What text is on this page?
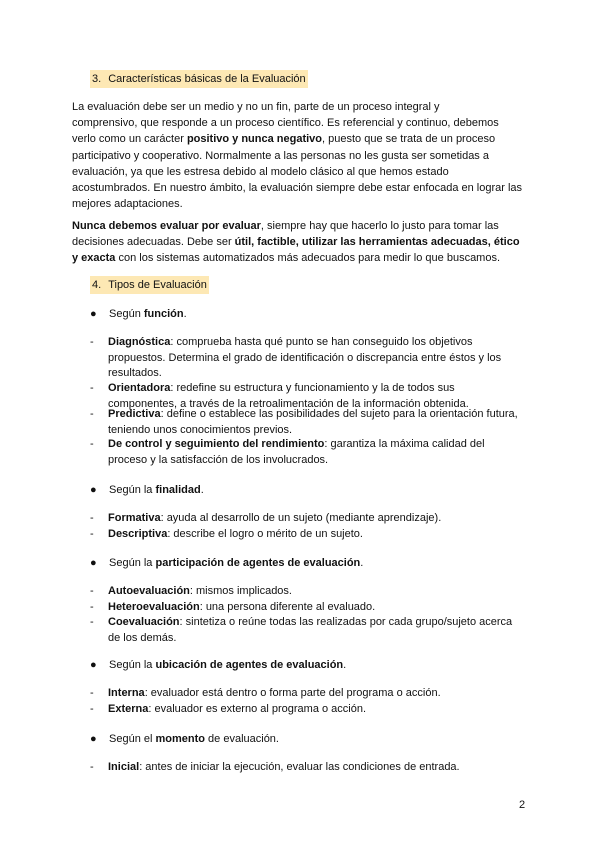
3. Características básicas de la Evaluación
La evaluación debe ser un medio y no un fin, parte de un proceso integral y
comprensivo, que responde a un proceso científico. Es referencial y continuo, debemos
verlo como un carácter positivo y nunca negativo, puesto que se trata de un proceso
participativo y cooperativo. Normalmente a las personas no les gusta ser sometidas a
evaluación, ya que les estresa debido al modelo clásico al que hemos estado
acostumbrados. En nuestro ámbito, la evaluación siempre debe estar enfocada en lograr las
mejores adaptaciones.
Nunca debemos evaluar por evaluar, siempre hay que hacerlo lo justo para tomar las
decisiones adecuadas. Debe ser útil, factible, utilizar las herramientas adecuadas, ético
y exacta con los sistemas automatizados más adecuados para medir lo que buscamos.
4. Tipos de Evaluación
● Según función.
- Diagnóstica: comprueba hasta qué punto se han conseguido los objetivos
propuestos. Determina el grado de identificación o discrepancia entre éstos y los
resultados.
- Orientadora: redefine su estructura y funcionamiento y la de todos sus
componentes, a través de la retroalimentación de la información obtenida.
- Predictiva: define o establece las posibilidades del sujeto para la orientación futura,
teniendo unos conocimientos previos.
- De control y seguimiento del rendimiento: garantiza la máxima calidad del
proceso y la satisfacción de los involucrados.
● Según la finalidad.
- Formativa: ayuda al desarrollo de un sujeto (mediante aprendizaje).
- Descriptiva: describe el logro o mérito de un sujeto.
● Según la participación de agentes de evaluación.
- Autoevaluación: mismos implicados.
- Heteroevaluación: una persona diferente al evaluado.
- Coevaluación: sintetiza o reúne todas las realizadas por cada grupo/sujeto acerca
de los demás.
● Según la ubicación de agentes de evaluación.
- Interna: evaluador está dentro o forma parte del programa o acción.
- Externa: evaluador es externo al programa o acción.
● Según el momento de evaluación.
- Inicial: antes de iniciar la ejecución, evaluar las condiciones de entrada.
2
